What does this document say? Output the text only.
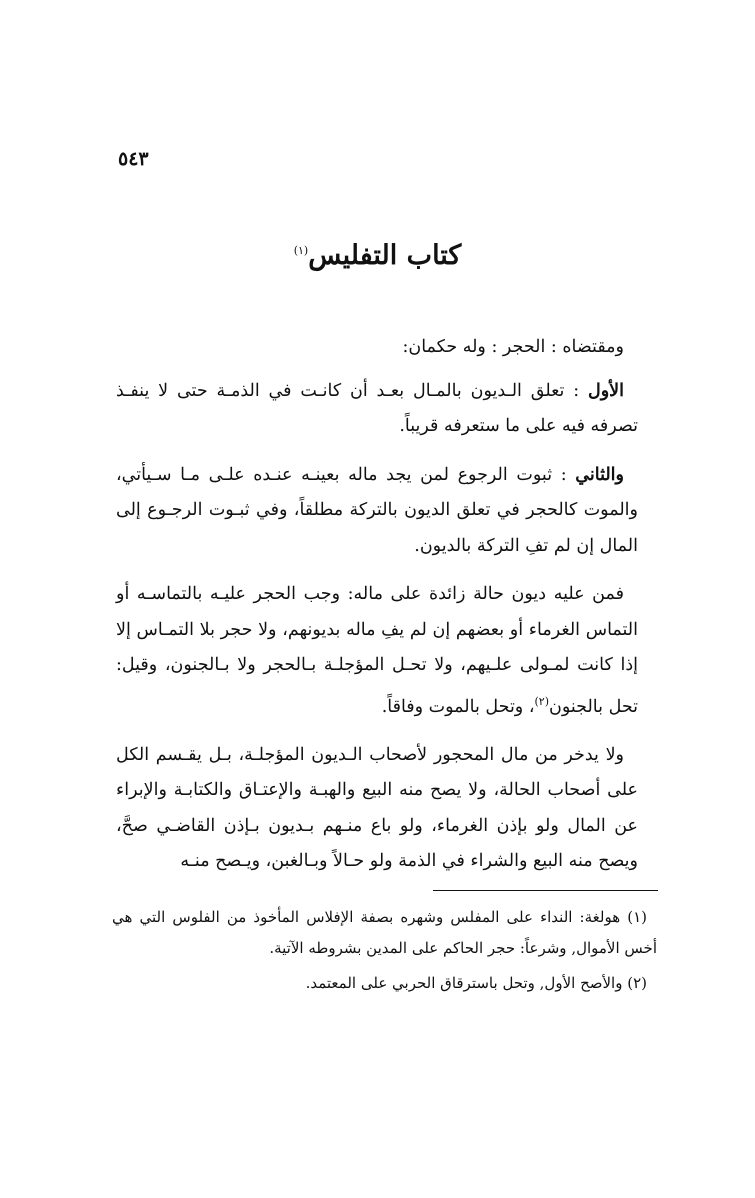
٥٤٣
كتاب التفليس$^{(١)}$

ومقتضاه : الحجر : وله حكمان:

الأول : تعلق الـديون بالمـال بعـد أن كانـت في الذمـة حتى لا ينفـذ تصرفه فيه على ما ستعرفه قريباً.

والثاني : ثبوت الرجوع لمن يجد ماله بعينـه عنـده علـى مـا سـيأتي، والموت كالحجر في تعلق الديون بالتركة مطلقاً، وفي ثبـوت الرجـوع إلى المال إن لم تفِ التركة بالديون.

فمن عليه ديون حالة زائدة على ماله: وجب الحجر عليـه بالتماسـه أو التماس الغرماء أو بعضهم إن لم يفِ ماله بديونهم، ولا حجر بلا التمـاس إلا إذا كانت لمـولى علـيهم، ولا تحـل المؤجلـة بـالحجر ولا بـالجنون، وقيل: تحل بالجنون$^{(٢)}$، وتحل بالموت وفاقاً.

ولا يدخر من مال المحجور لأصحاب الـديون المؤجلـة، بـل يقـسم الكل على أصحاب الحالة، ولا يصح منه البيع والهبـة والإعتـاق والكتابـة والإبراء عن المال ولو بإذن الغرماء، ولو باع منـهم بـديون بـإذن القاضـي صحَّ، ويصح منه البيع والشراء في الذمة ولو حـالاً وبـالغبن، ويـصح منـه

(١) هولغة: النداء على المفلس وشهره بصفة الإفلاس المأخوذ من الفلوس التي هي أخس الأموال, وشرعاً: حجر الحاكم على المدين بشروطه الآتية.

(٢) والأصح الأول, وتحل باسترقاق الحربي على المعتمد.
